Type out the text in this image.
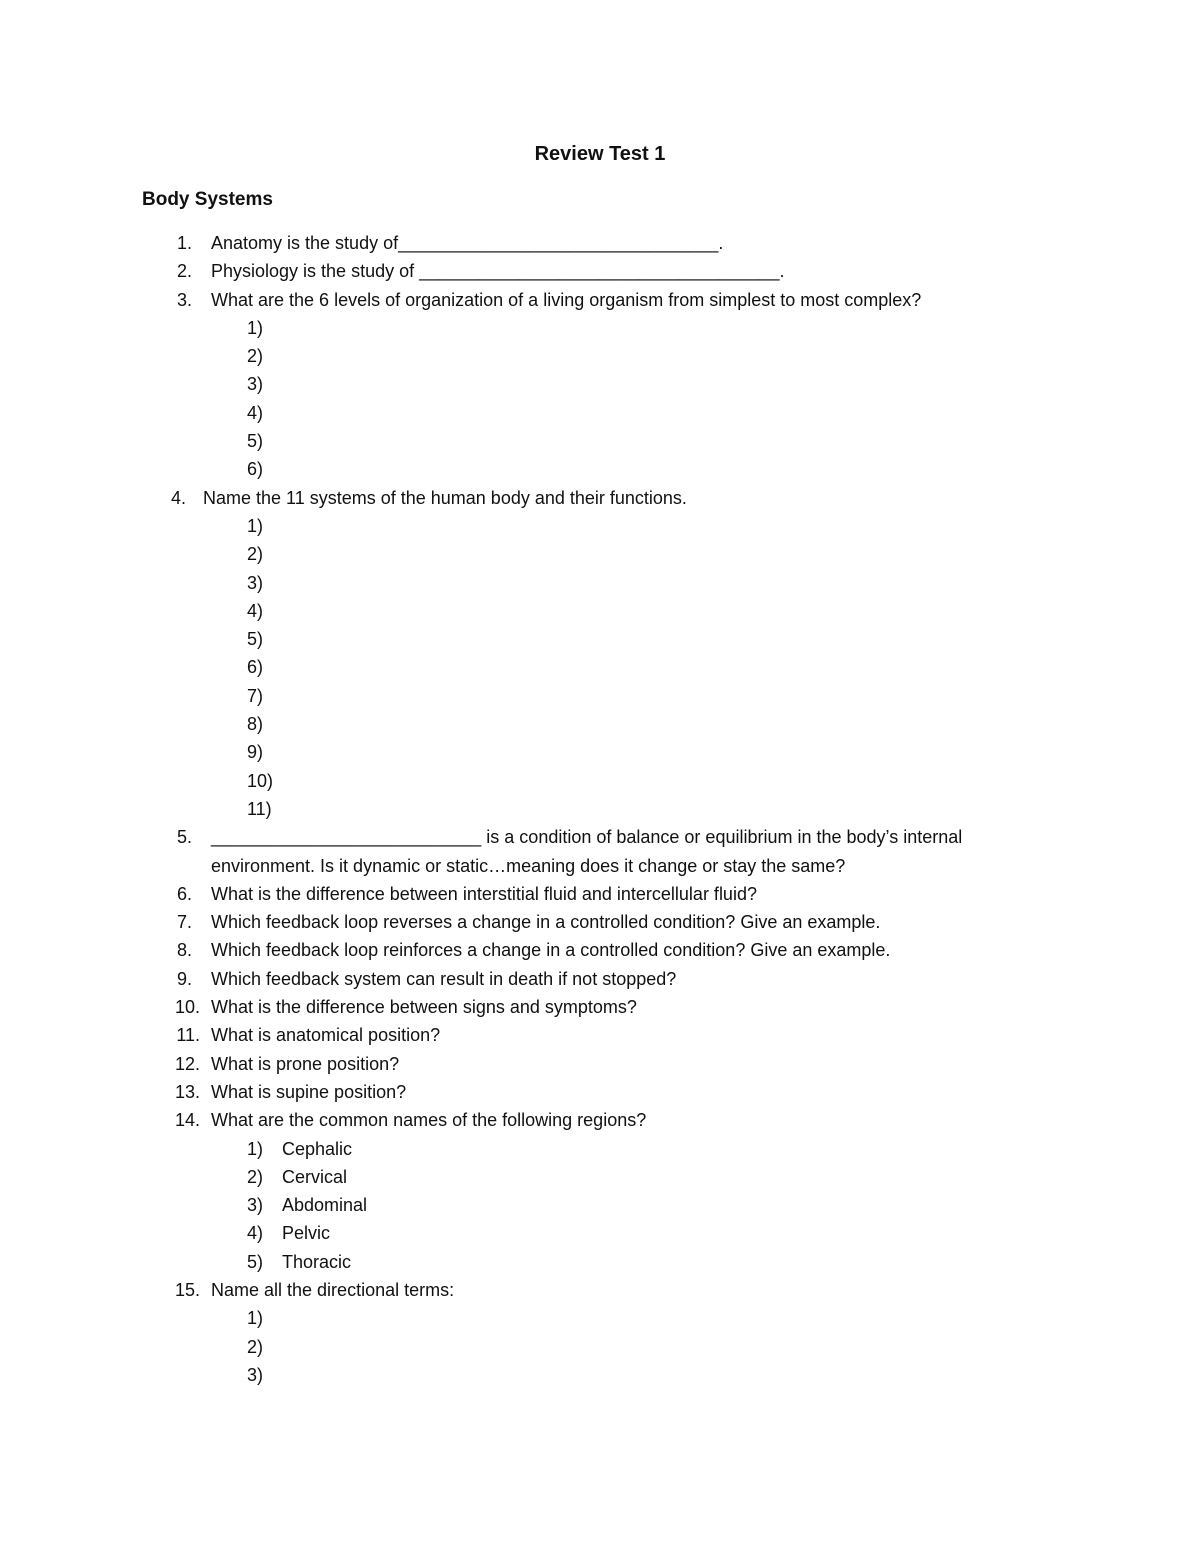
Review Test 1
Body Systems
1. Anatomy is the study of________________________________.
2. Physiology is the study of ____________________________________.
3. What are the 6 levels of organization of a living organism from simplest to most complex?
1)
2)
3)
4)
5)
6)
4. Name the 11 systems of the human body and their functions.
1)
2)
3)
4)
5)
6)
7)
8)
9)
10)
11)
5. ___________________________ is a condition of balance or equilibrium in the body’s internal
environment. Is it dynamic or static…meaning does it change or stay the same?
6. What is the difference between interstitial fluid and intercellular fluid?
7. Which feedback loop reverses a change in a controlled condition? Give an example.
8. Which feedback loop reinforces a change in a controlled condition? Give an example.
9. Which feedback system can result in death if not stopped?
10. What is the difference between signs and symptoms?
11. What is anatomical position?
12. What is prone position?
13. What is supine position?
14. What are the common names of the following regions?
1) Cephalic
2) Cervical
3) Abdominal
4) Pelvic
5) Thoracic
15. Name all the directional terms:
1)
2)
3)
